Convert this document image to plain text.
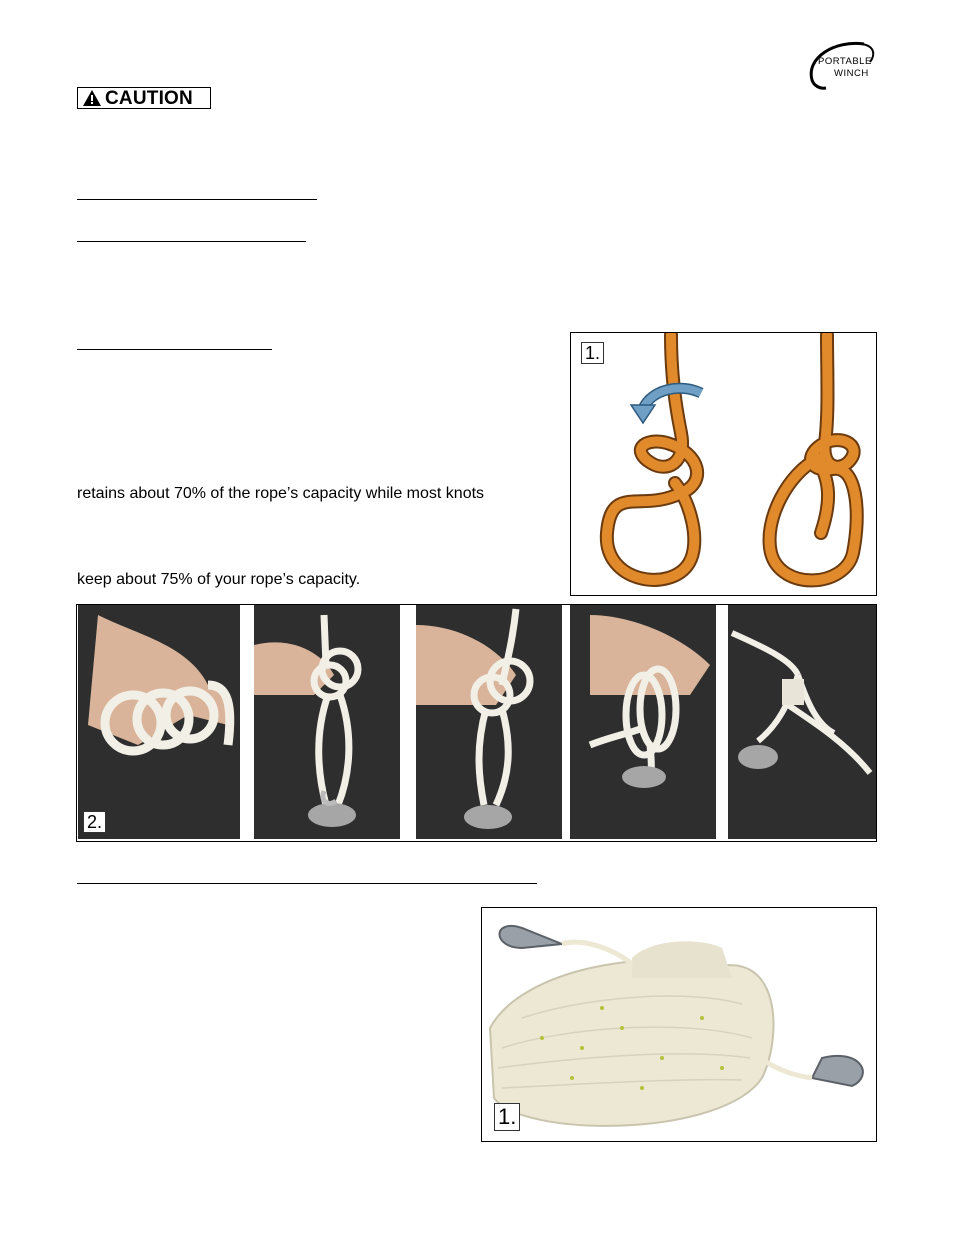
PORTABLE
WINCH
CAUTION
retains about 70% of the rope’s capacity while most knots
keep about 75% of your rope’s capacity.
1.
2.
1.
